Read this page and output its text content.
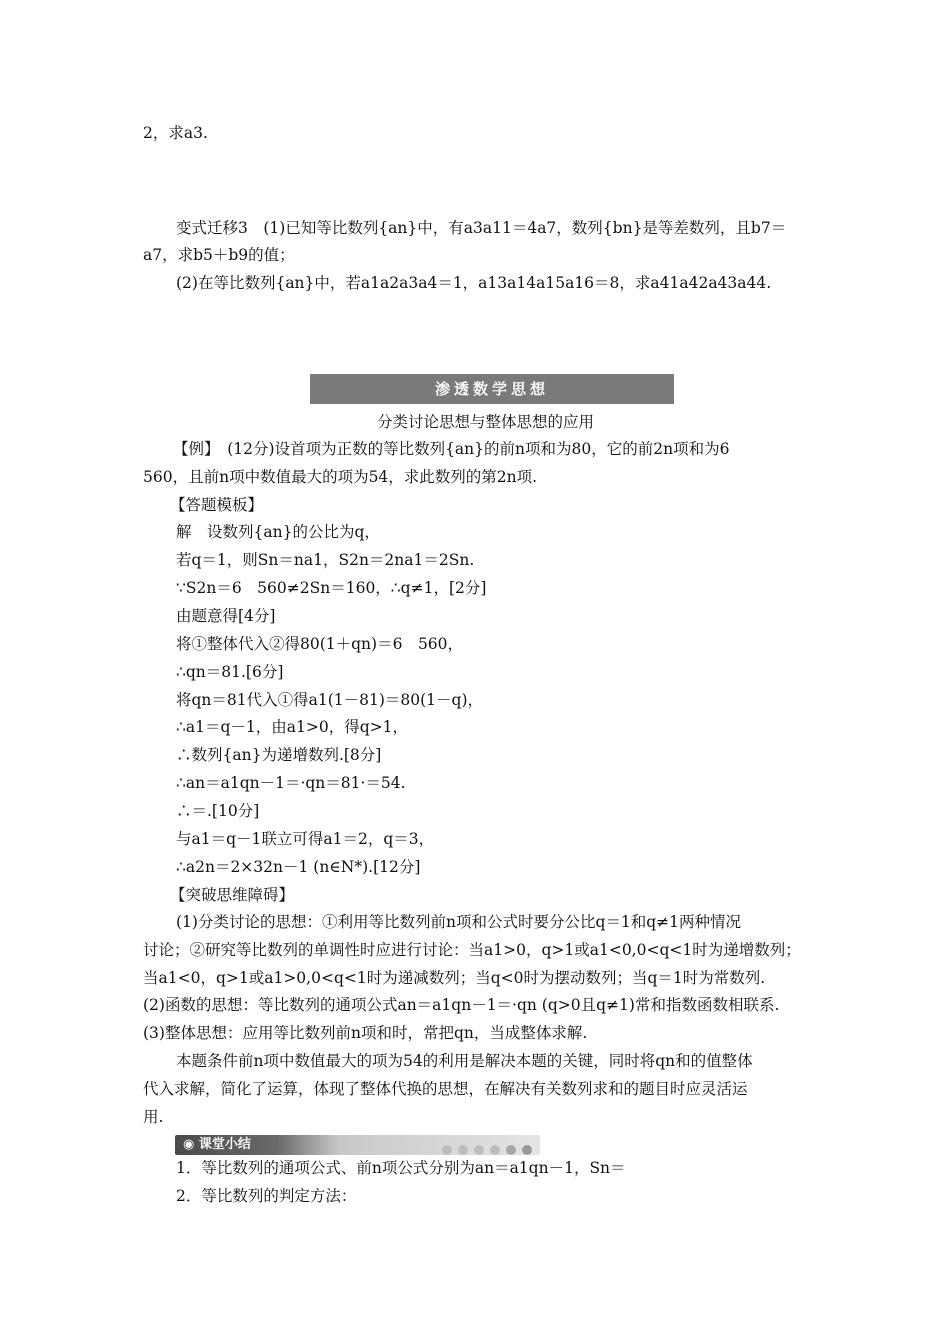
2，求a3.
变式迁移3　(1)已知等比数列{an}中，有a3a11＝4a7，数列{bn}是等差数列，且b7＝
a7，求b5＋b9的值；
(2)在等比数列{an}中，若a1a2a3a4＝1，a13a14a15a16＝8，求a41a42a43a44.
渗透数学思想
分类讨论思想与整体思想的应用
【例】　(12分)设首项为正数的等比数列{an}的前n项和为80，它的前2n项和为6
560，且前n项中数值最大的项为54，求此数列的第2n项.
【答题模板】
解　设数列{an}的公比为q，
若q＝1，则Sn＝na1，S2n＝2na1＝2Sn.
∵S2n＝6　560≠2Sn＝160，∴q≠1，[2分]
由题意得[4分]
将①整体代入②得80(1＋qn)＝6　560，
∴qn＝81.[6分]
将qn＝81代入①得a1(1－81)＝80(1－q)，
∴a1＝q－1，由a1>0，得q>1，
∴数列{an}为递增数列.[8分]
∴an＝a1qn－1＝·qn＝81·＝54.
∴＝.[10分]
与a1＝q－1联立可得a1＝2，q＝3，
∴a2n＝2×32n－1 (n∈N*).[12分]
【突破思维障碍】
(1)分类讨论的思想：①利用等比数列前n项和公式时要分公比q＝1和q≠1两种情况
讨论；②研究等比数列的单调性时应进行讨论：当a1>0，q>1或a1<0,0<q<1时为递增数列；
当a1<0，q>1或a1>0,0<q<1时为递减数列；当q<0时为摆动数列；当q＝1时为常数列.
(2)函数的思想：等比数列的通项公式an＝a1qn－1＝·qn (q>0且q≠1)常和指数函数相联系.
(3)整体思想：应用等比数列前n项和时，常把qn，当成整体求解.
本题条件前n项中数值最大的项为54的利用是解决本题的关键，同时将qn和的值整体
代入求解，简化了运算，体现了整体代换的思想，在解决有关数列求和的题目时应灵活运
用.
◉ 课堂小结
1．等比数列的通项公式、前n项公式分别为an＝a1qn－1，Sn＝
2．等比数列的判定方法：
